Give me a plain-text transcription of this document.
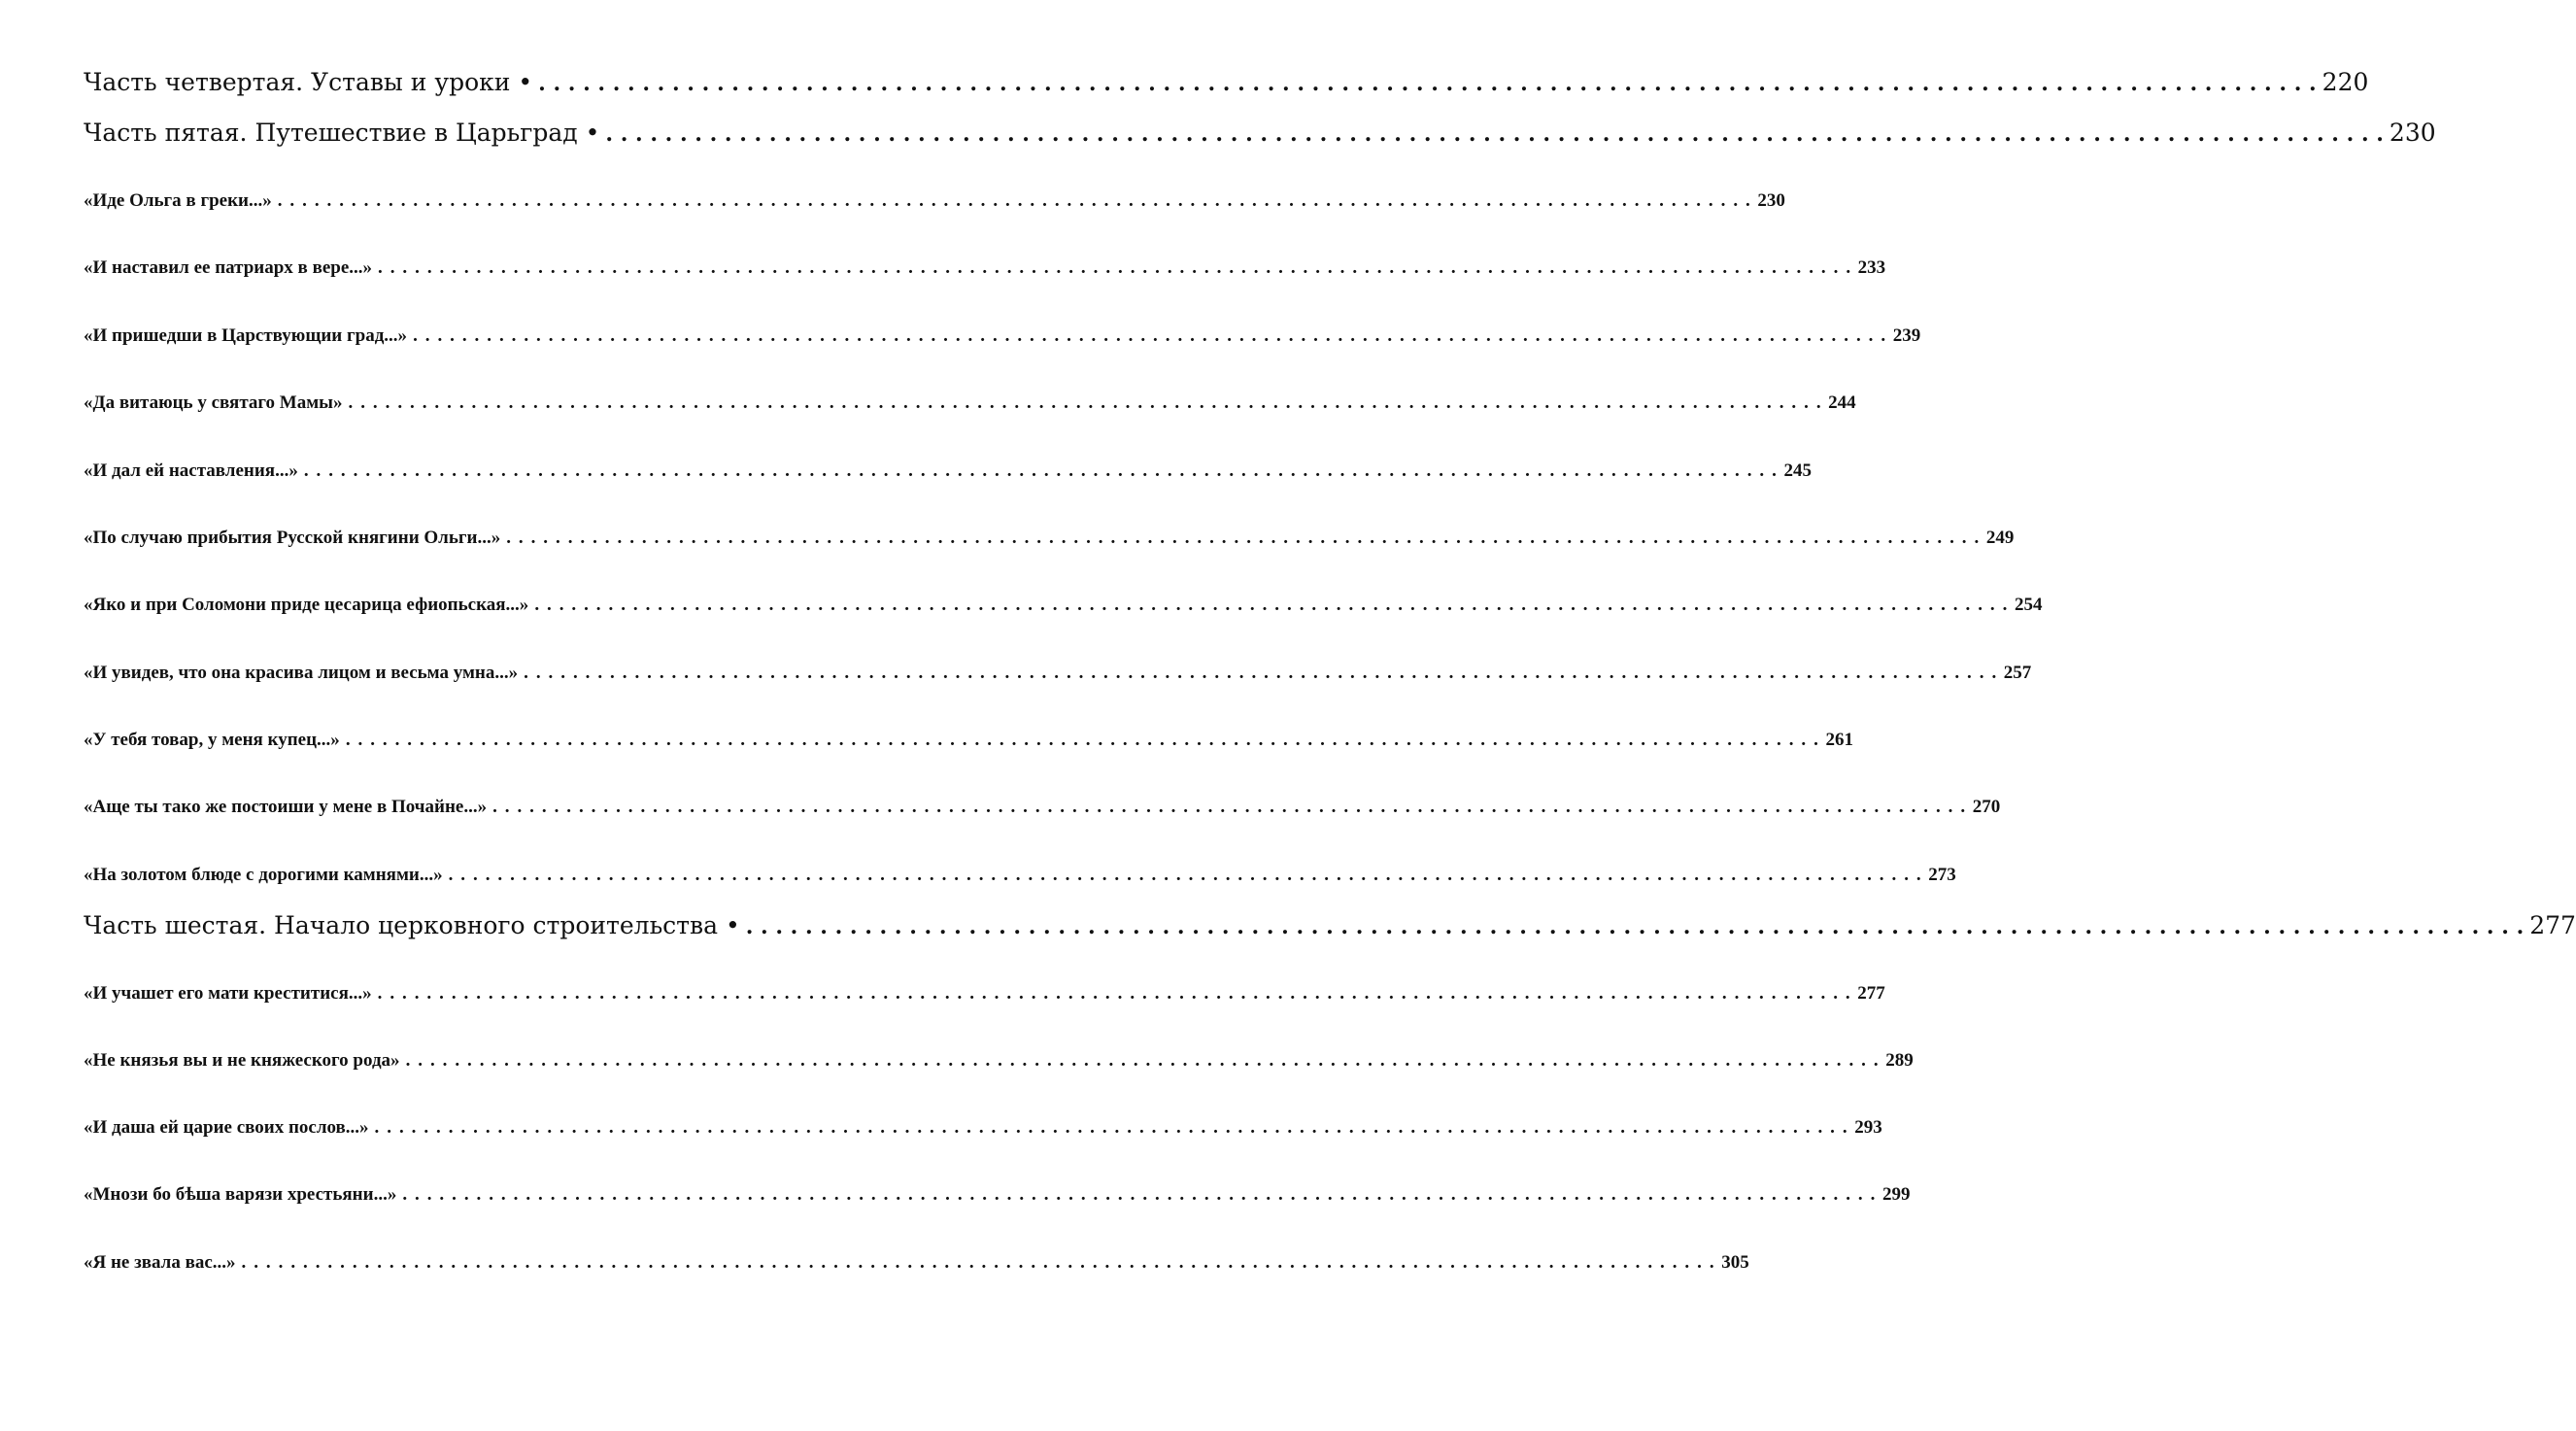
Часть четвертая. Уставы и уроки • . . . . . . . . . . . . . . . . . . . . . . . . . . . . . . . . . . . . . . . . . . . . . . . . . . . . . . . . . . . . . . . . . . . . . . . . . . . . . . . . . . . . . . . . . . . . . . . . . . . . . . . . . . . . . . . . . . . . . . . . 220
Часть пятая. Путешествие в Царьград • . . . . . . . . . . . . . . . . . . . . . . . . . . . . . . . . . . . . . . . . . . . . . . . . . . . . . . . . . . . . . . . . . . . . . . . . . . . . . . . . . . . . . . . . . . . . . . . . . . . . . . . . . . . . . . . . . . . . . . . . 230
«Иде Ольга в греки...» . . . . . . . . . . . . . . . . . . . . . . . . . . . . . . . . . . . . . . . . . . . . . . . . . . . . . . . . . . . . . . . . . . . . . . . . . . . . . . . . . . . . . . . . . . . . . . . . . . . . . . . . . . . . . . . . . . . . . . . . 230
«И наставил ее патриарх в вере...» . . . . . . . . . . . . . . . . . . . . . . . . . . . . . . . . . . . . . . . . . . . . . . . . . . . . . . . . . . . . . . . . . . . . . . . . . . . . . . . . . . . . . . . . . . . . . . . . . . . . . . . . . . . . . . . . . . . . . . . . 233
«И пришедши в Царствующии град...» . . . . . . . . . . . . . . . . . . . . . . . . . . . . . . . . . . . . . . . . . . . . . . . . . . . . . . . . . . . . . . . . . . . . . . . . . . . . . . . . . . . . . . . . . . . . . . . . . . . . . . . . . . . . . . . . . . . . . . . . 239
«Да витаюць у святаго Мамы» . . . . . . . . . . . . . . . . . . . . . . . . . . . . . . . . . . . . . . . . . . . . . . . . . . . . . . . . . . . . . . . . . . . . . . . . . . . . . . . . . . . . . . . . . . . . . . . . . . . . . . . . . . . . . . . . . . . . . . . . 244
«И дал ей наставления...» . . . . . . . . . . . . . . . . . . . . . . . . . . . . . . . . . . . . . . . . . . . . . . . . . . . . . . . . . . . . . . . . . . . . . . . . . . . . . . . . . . . . . . . . . . . . . . . . . . . . . . . . . . . . . . . . . . . . . . . . 245
«По случаю прибытия Русской княгини Ольги...» . . . . . . . . . . . . . . . . . . . . . . . . . . . . . . . . . . . . . . . . . . . . . . . . . . . . . . . . . . . . . . . . . . . . . . . . . . . . . . . . . . . . . . . . . . . . . . . . . . . . . . . . . . . . . . . . . . . . . . . . 249
«Яко и при Соломони приде цесарица ефиопьская...» . . . . . . . . . . . . . . . . . . . . . . . . . . . . . . . . . . . . . . . . . . . . . . . . . . . . . . . . . . . . . . . . . . . . . . . . . . . . . . . . . . . . . . . . . . . . . . . . . . . . . . . . . . . . . . . . . . . . . . . . 254
«И увидев, что она красива лицом и весьма умна...» . . . . . . . . . . . . . . . . . . . . . . . . . . . . . . . . . . . . . . . . . . . . . . . . . . . . . . . . . . . . . . . . . . . . . . . . . . . . . . . . . . . . . . . . . . . . . . . . . . . . . . . . . . . . . . . . . . . . . . . . 257
«У тебя товар, у меня купец...» . . . . . . . . . . . . . . . . . . . . . . . . . . . . . . . . . . . . . . . . . . . . . . . . . . . . . . . . . . . . . . . . . . . . . . . . . . . . . . . . . . . . . . . . . . . . . . . . . . . . . . . . . . . . . . . . . . . . . . . . 261
«Аще ты тако же постоиши у мене в Почайне...» . . . . . . . . . . . . . . . . . . . . . . . . . . . . . . . . . . . . . . . . . . . . . . . . . . . . . . . . . . . . . . . . . . . . . . . . . . . . . . . . . . . . . . . . . . . . . . . . . . . . . . . . . . . . . . . . . . . . . . . . 270
«На золотом блюде с дорогими камнями...» . . . . . . . . . . . . . . . . . . . . . . . . . . . . . . . . . . . . . . . . . . . . . . . . . . . . . . . . . . . . . . . . . . . . . . . . . . . . . . . . . . . . . . . . . . . . . . . . . . . . . . . . . . . . . . . . . . . . . . . . 273
Часть шестая. Начало церковного строительства • . . . . . . . . . . . . . . . . . . . . . . . . . . . . . . . . . . . . . . . . . . . . . . . . . . . . . . . . . . . . . . . . . . . . . . . . . . . . . . . . . . . . . . . . . . . . . . . . . . . . . . . . . . . . . . . . . . . . . . . . 277
«И учашет его мати креститися...» . . . . . . . . . . . . . . . . . . . . . . . . . . . . . . . . . . . . . . . . . . . . . . . . . . . . . . . . . . . . . . . . . . . . . . . . . . . . . . . . . . . . . . . . . . . . . . . . . . . . . . . . . . . . . . . . . . . . . . . . 277
«Не князья вы и не княжеского рода» . . . . . . . . . . . . . . . . . . . . . . . . . . . . . . . . . . . . . . . . . . . . . . . . . . . . . . . . . . . . . . . . . . . . . . . . . . . . . . . . . . . . . . . . . . . . . . . . . . . . . . . . . . . . . . . . . . . . . . . . 289
«И даша ей царие своих послов...» . . . . . . . . . . . . . . . . . . . . . . . . . . . . . . . . . . . . . . . . . . . . . . . . . . . . . . . . . . . . . . . . . . . . . . . . . . . . . . . . . . . . . . . . . . . . . . . . . . . . . . . . . . . . . . . . . . . . . . . . 293
«Мнози бо бѣша варязи хрестьяни...» . . . . . . . . . . . . . . . . . . . . . . . . . . . . . . . . . . . . . . . . . . . . . . . . . . . . . . . . . . . . . . . . . . . . . . . . . . . . . . . . . . . . . . . . . . . . . . . . . . . . . . . . . . . . . . . . . . . . . . . . 299
«Я не звала вас...» . . . . . . . . . . . . . . . . . . . . . . . . . . . . . . . . . . . . . . . . . . . . . . . . . . . . . . . . . . . . . . . . . . . . . . . . . . . . . . . . . . . . . . . . . . . . . . . . . . . . . . . . . . . . . . . . . . . . . . . . 305
